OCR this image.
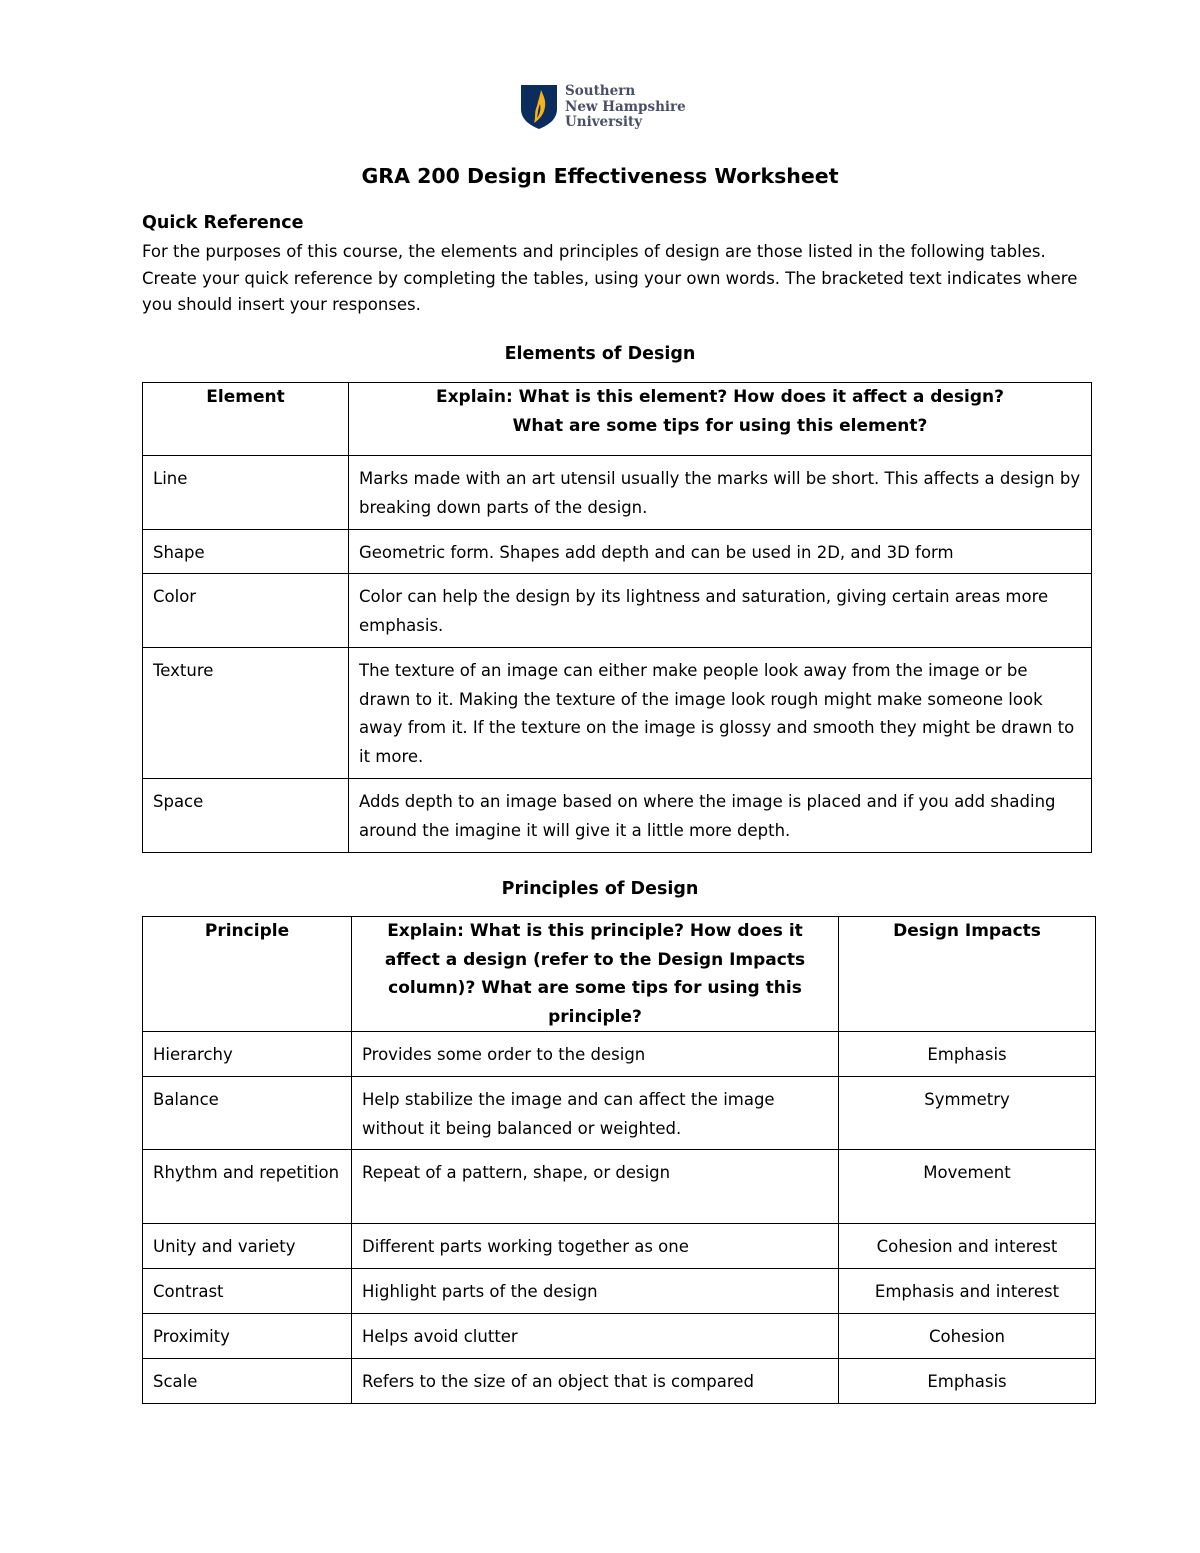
Southern
New Hampshire
University
GRA 200 Design Effectiveness Worksheet
Quick Reference
For the purposes of this course, the elements and principles of design are those listed in the following tables. Create your quick reference by completing the tables, using your own words. The bracketed text indicates where you should insert your responses.
Elements of Design
Element	Explain: What is this element? How does it affect a design?
What are some tips for using this element?

Line	Marks made with an art utensil usually the marks will be short. This affects a design by breaking down parts of the design.
Shape	Geometric form. Shapes add depth and can be used in 2D, and 3D form
Color	Color can help the design by its lightness and saturation, giving certain areas more emphasis.
Texture	The texture of an image can either make people look away from the image or be drawn to it. Making the texture of the image look rough might make someone look away from it. If the texture on the image is glossy and smooth they might be drawn to it more.
Space	Adds depth to an image based on where the image is placed and if you add shading around the imagine it will give it a little more depth.
Principles of Design
Principle	Explain: What is this principle? How does it affect a design (refer to the Design Impacts column)? What are some tips for using this principle?	Design Impacts
Hierarchy	Provides some order to the design	Emphasis
Balance	Help stabilize the image and can affect the image without it being balanced or weighted.	Symmetry
Rhythm and repetition	Repeat of a pattern, shape, or design	Movement
Unity and variety	Different parts working together as one	Cohesion and interest
Contrast	Highlight parts of the design	Emphasis and interest
Proximity	Helps avoid clutter	Cohesion
Scale	Refers to the size of an object that is compared	Emphasis
